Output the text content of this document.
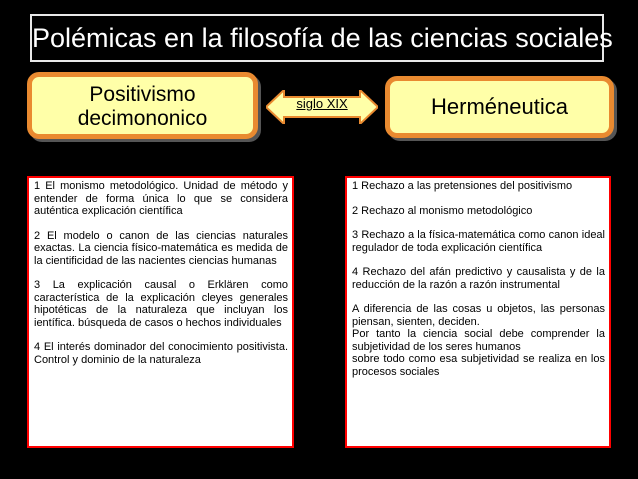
Polémicas en la filosofía de las ciencias sociales
Positivismo
decimononico
siglo XIX	Herméneutica

1 El monismo metodológico. Unidad de método y entender de forma única lo que se considera auténtica explicación científica

2 El modelo o canon de las ciencias naturales exactas. La ciencia físico-matemática es medida de la cientificidad de las nacientes ciencias humanas

3 La explicación causal o Erklären como característica de la explicación cleyes generales hipotéticas de la naturaleza que incluyan los ientífica. búsqueda de casos o hechos individuales

4 El interés dominador del conocimiento positivista. Control y dominio de la naturaleza

1 Rechazo a las pretensiones del positivismo

2 Rechazo al monismo metodológico

3 Rechazo a la física-matemática como canon ideal regulador de toda explicación científica

4 Rechazo del afán predictivo y causalista y de la reducción de la razón a razón instrumental

A diferencia de las cosas u objetos, las personas piensan, sienten, deciden.

Por tanto la ciencia social debe comprender la subjetividad de los seres humanos

sobre todo como esa subjetividad se realiza en los procesos sociales
